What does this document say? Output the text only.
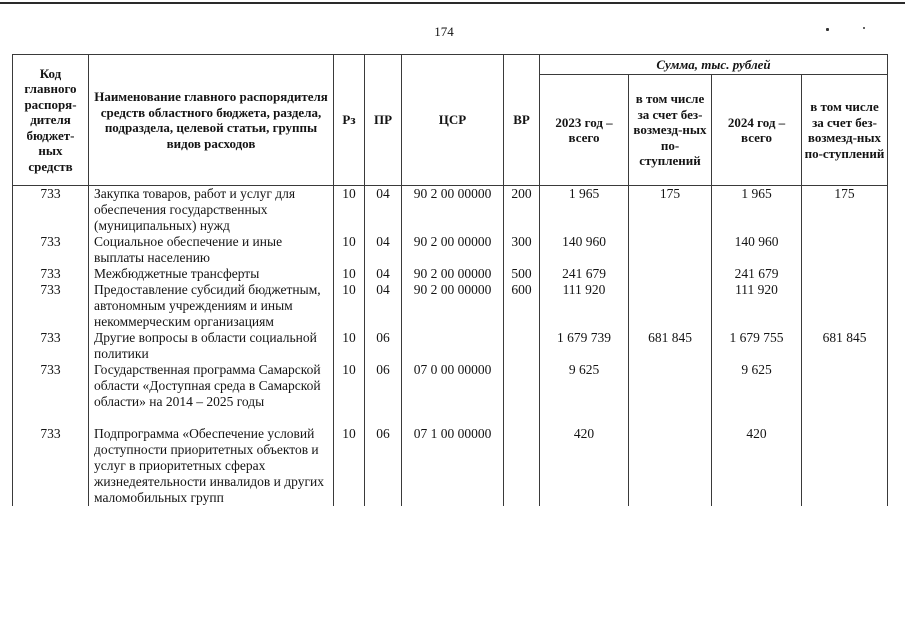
174
Код главного распоря-дителя бюджет-ных средств	Наименование главного распорядителя средств областного бюджета, раздела, подраздела, целевой статьи, группы видов расходов	Рз	ПР	ЦСР	ВР	Сумма, тыс. рублей			
						2023 год – всего	в том числе за счет без-возмезд-ных по-ступлений	2024 год – всего	в том числе за счет без-возмезд-ных по-ступлений
733	Закупка товаров, работ и услуг для обеспечения государственных (муниципальных) нужд	10	04	90 2 00 00000	200	1 965	175	1 965	175
733	Социальное обеспечение и иные выплаты населению	10	04	90 2 00 00000	300	140 960		140 960	
733	Межбюджетные трансферты	10	04	90 2 00 00000	500	241 679		241 679	
733	Предоставление субсидий бюджетным, автономным учреждениям и иным некоммерческим организациям	10	04	90 2 00 00000	600	111 920		111 920	
733	Другие вопросы в области социальной политики	10	06			1 679 739	681 845	1 679 755	681 845
733	Государственная программа Самарской области «Доступная среда в Самарской области» на 2014 – 2025 годы	10	06	07 0 00 00000		9 625		9 625	

733	Подпрограмма «Обеспечение условий доступности приоритетных объектов и услуг в приоритетных сферах жизнедеятельности инвалидов и других маломобильных групп	10	06	07 1 00 00000		420		420	
